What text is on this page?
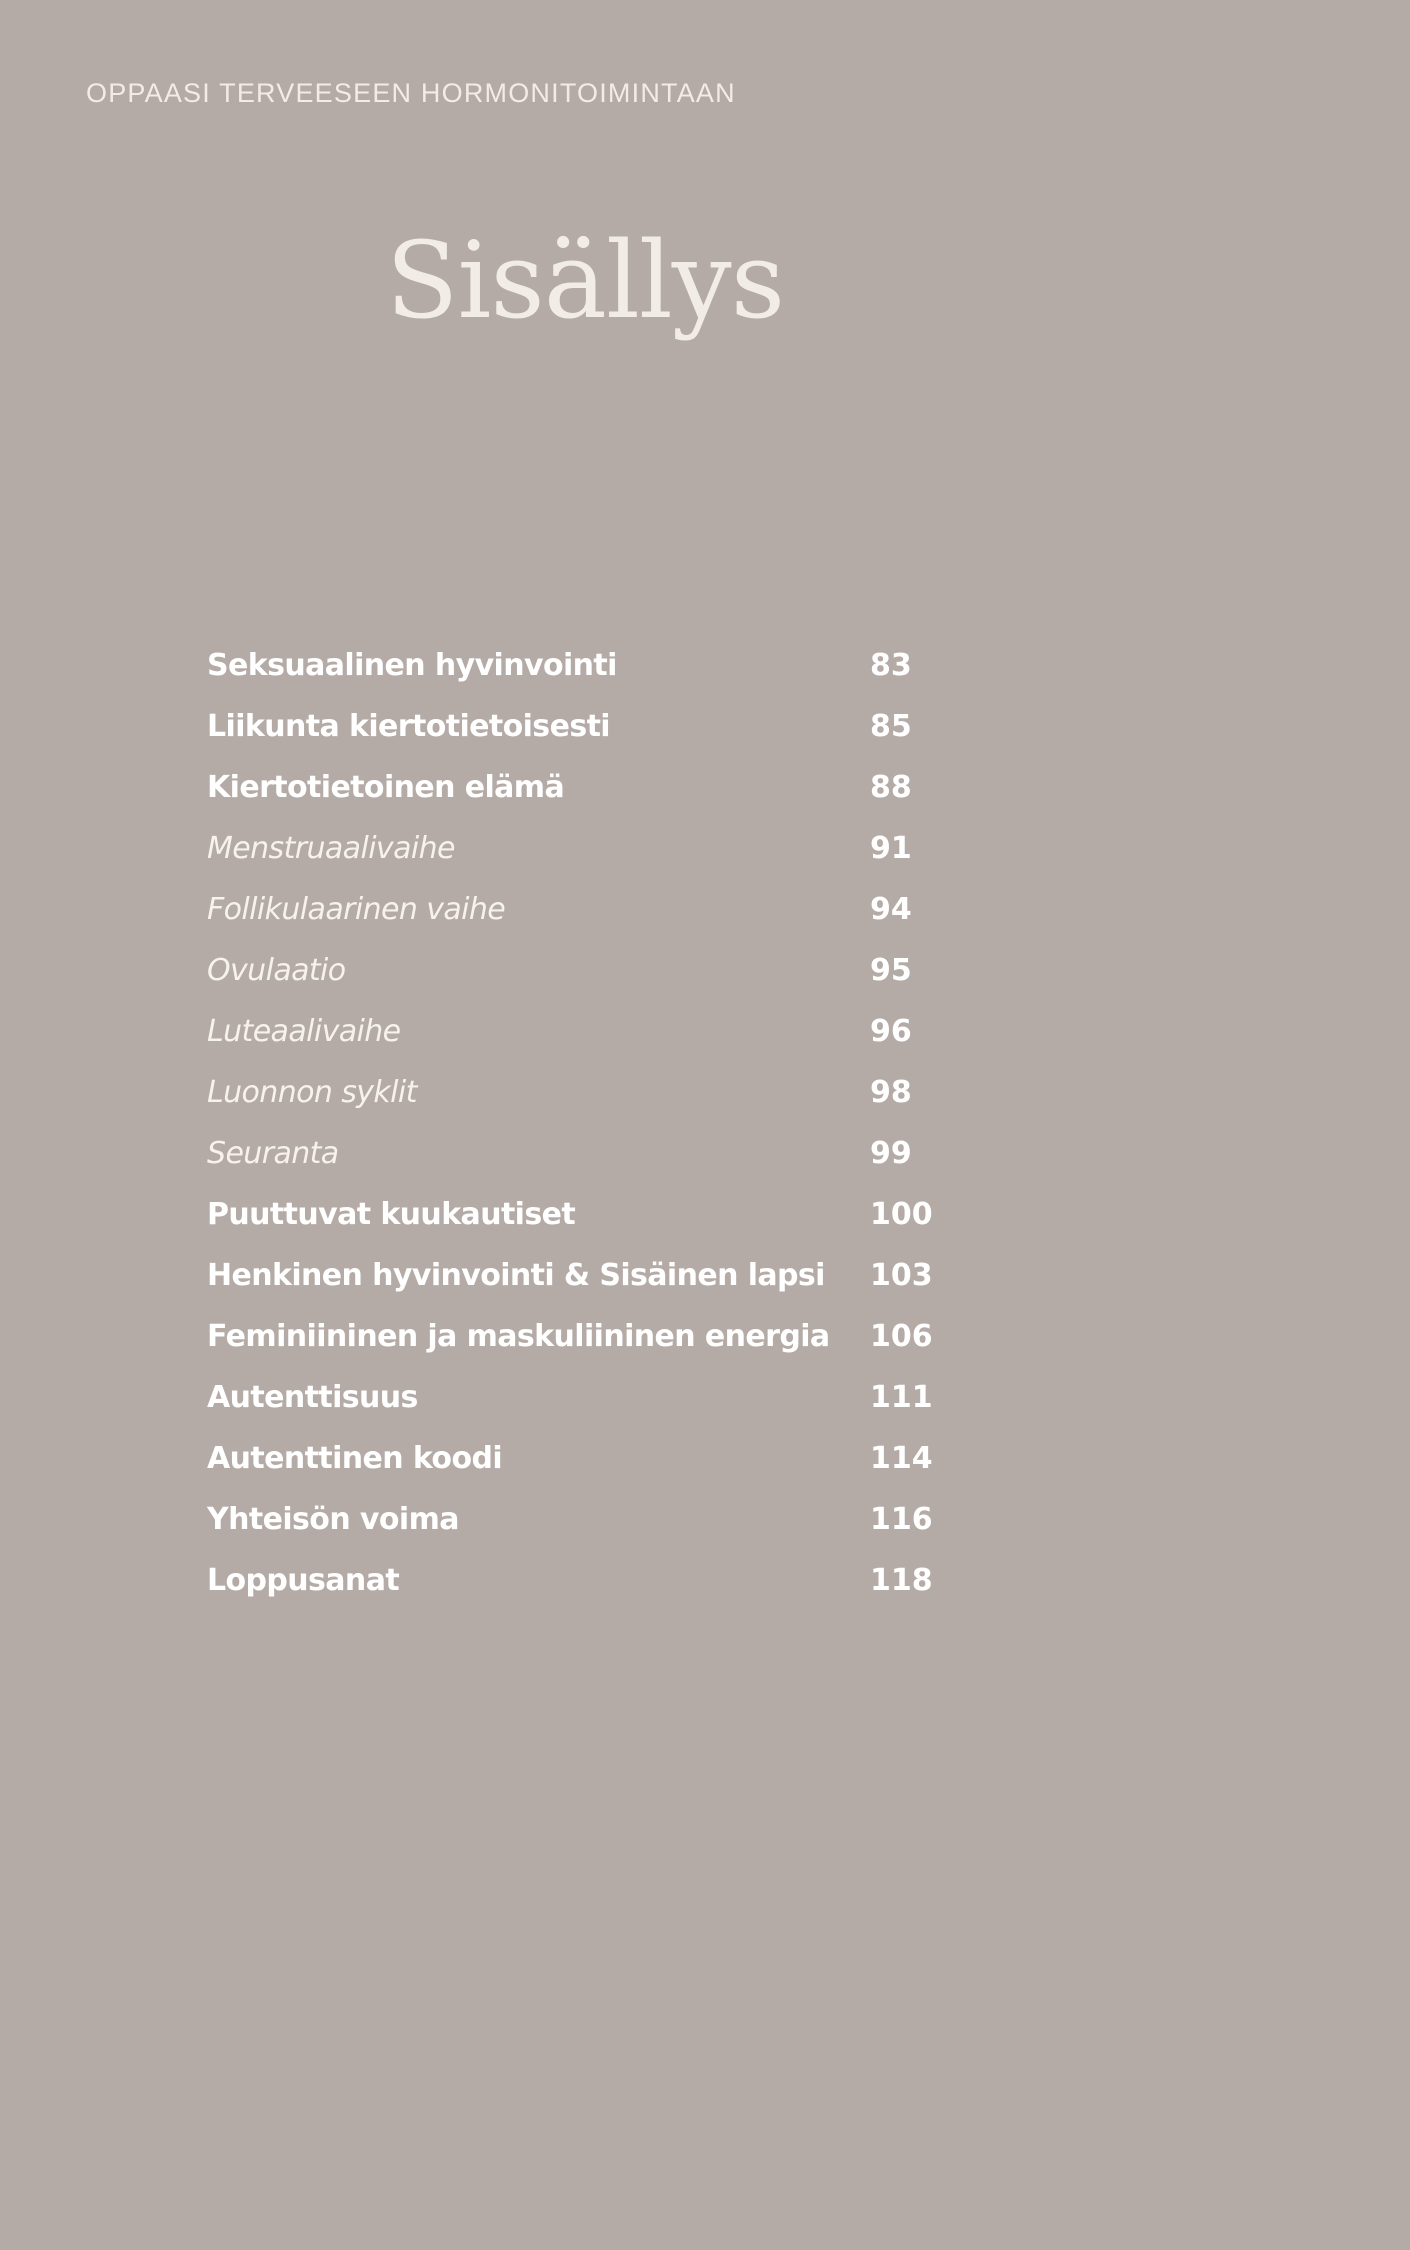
OPPAASI TERVEESEEN HORMONITOIMINTAAN
Sisällys
Seksuaalinen hyvinvointi	83
Liikunta kiertotietoisesti	85
Kiertotietoinen elämä	88
Menstruaalivaihe	91
Follikulaarinen vaihe	94
Ovulaatio	95
Luteaalivaihe	96
Luonnon syklit	98
Seuranta	99
Puuttuvat kuukautiset	100
Henkinen hyvinvointi & Sisäinen lapsi 103
Feminiininen ja maskuliininen energia 106
Autenttisuus	111
Autenttinen koodi	114
Yhteisön voima	116
Loppusanat	118
